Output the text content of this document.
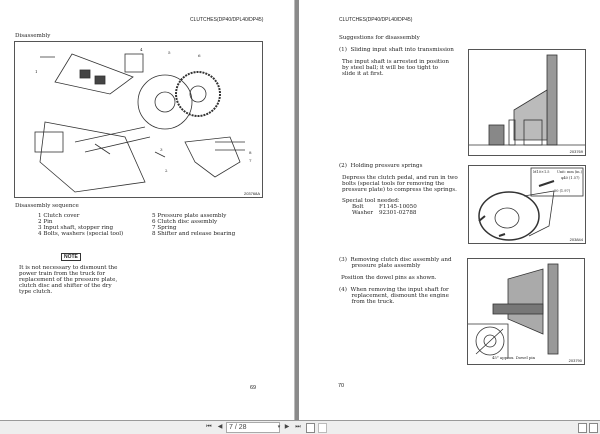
CLUTCHES(DP40/DPL40/DP45)
Disassembly
1
2
3
4
5
6
7
8
203768A
Disassembly sequence
1 Clutch cover
2 Pin
3 Input shaft, stopper ring
4 Bolts, washers (special tool)
5 Pressure plate assembly
6 Clutch disc assembly
7 Spring
8 Shifter and release bearing
NOTE
It is not necessary to dismount the
power train from the truck for
replacement of the pressure plate,
clutch disc and shifter of the dry
type clutch.
69
CLUTCHES(DP40/DPL40/DP45)
Suggestions for disassembly
(1)  Sliding input shaft into transmission
The input shaft is arrested in position
by steel ball; it will be too tight to
slide it at first.
203769
(2)  Holding pressure springs
Depress the clutch pedal, and run in two
bolts (special tools for removing the
pressure plate) to compress the springs.
Special tool needed:
Bolt	F1145-10050
Washer 92301-02788
M10×1.5 Unit: mm (in.)
φ40 (1.57)
50 (1.97)
203844
(3)  Removing clutch disc assembly and
pressure plate assembly
Position the dowel pins as shown.
(4)  When removing the input shaft for
replacement, dismount the engine
from the truck.
45° approx. Dowel pin
203790
70
⏮ ◀ 7 / 28	▾ ▶ ⏭
